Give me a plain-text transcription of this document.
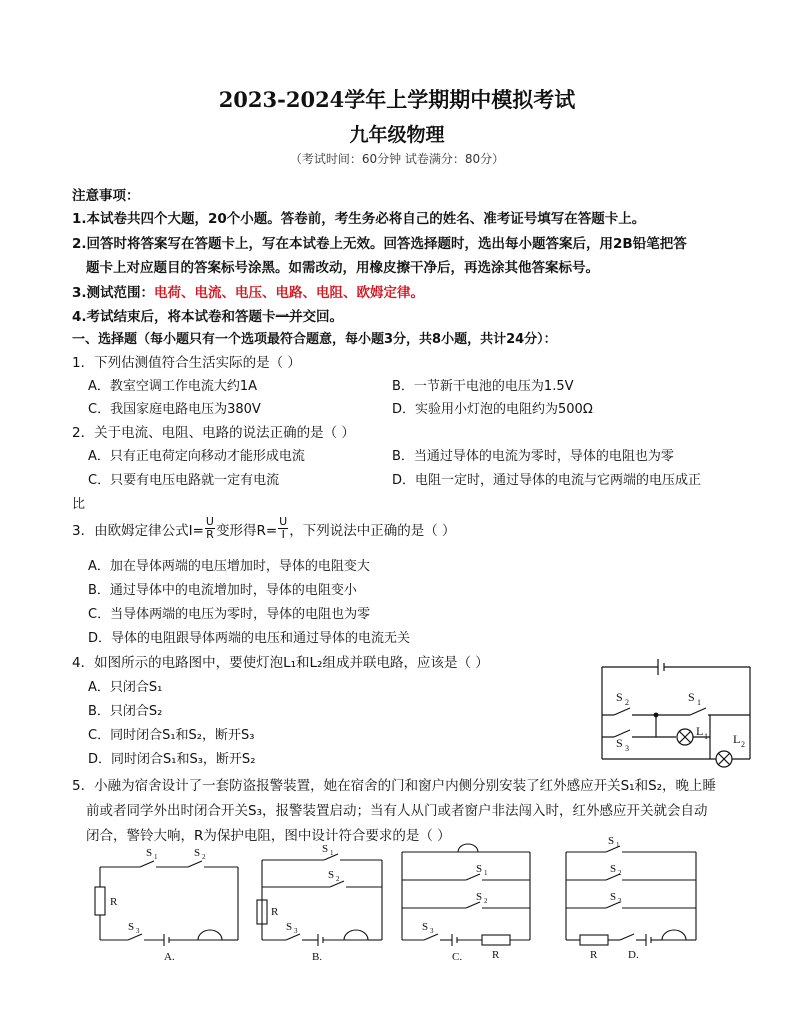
2023-2024学年上学期期中模拟考试
九年级物理
（考试时间：60分钟 试卷满分：80分）
注意事项：
1.本试卷共四个大题，20个小题。答卷前，考生务必将自己的姓名、准考证号填写在答题卡上。
2.回答时将答案写在答题卡上，写在本试卷上无效。回答选择题时，选出每小题答案后，用2B铅笔把答
题卡上对应题目的答案标号涂黑。如需改动，用橡皮擦干净后，再选涂其他答案标号。
3.测试范围：电荷、电流、电压、电路、电阻、欧姆定律。
4.考试结束后，将本试卷和答题卡一并交回。
一、选择题（每小题只有一个选项最符合题意，每小题3分，共8小题，共计24分）：
1．下列估测值符合生活实际的是（ ）
A．教室空调工作电流大约1A	B．一节新干电池的电压为1.5V
C．我国家庭电路电压为380V	D．实验用小灯泡的电阻约为500Ω
2．关于电流、电阻、电路的说法正确的是（ ）
A．只有正电荷定向移动才能形成电流	B．当通过导体的电流为零时，导体的电阻也为零
C．只要有电压电路就一定有电流	D．电阻一定时，通过导体的电流与它两端的电压成正
比
3．由欧姆定律公式$I= \frac{U}{R}$ 变形得$R= \frac{U}{I}$ ，下列说法中正确的是（ ）
A．加在导体两端的电压增加时，导体的电阻变大
B．通过导体中的电流增加时，导体的电阻变小
C．当导体两端的电压为零时，导体的电阻也为零
D．导体的电阻跟导体两端的电压和通过导体的电流无关
4．如图所示的电路图中，要使灯泡L₁和L₂组成并联电路，应该是（ ）
A．只闭合S₁
B．只闭合S₂
C．同时闭合S₁和S₂，断开S₃
D．同时闭合S₁和S₃，断开S₂
S 2	S 1
S 3
L 1 L 2
5．小融为宿舍设计了一套防盗报警装置，她在宿舍的门和窗户内侧分别安装了红外感应开关S₁和S₂，晚上睡
前或者同学外出时闭合开关S₃，报警装置启动；当有人从门或者窗户非法闯入时，红外感应开关就会自动
闭合，警铃大响，R为保护电阻，图中设计符合要求的是（ ）
S 1	S 2
R
S 3
A.
S 1
S 2
R
S 3
B.
S 1
S 2
S 3
R
C.
S 1
S 2
S 3
R	D.
